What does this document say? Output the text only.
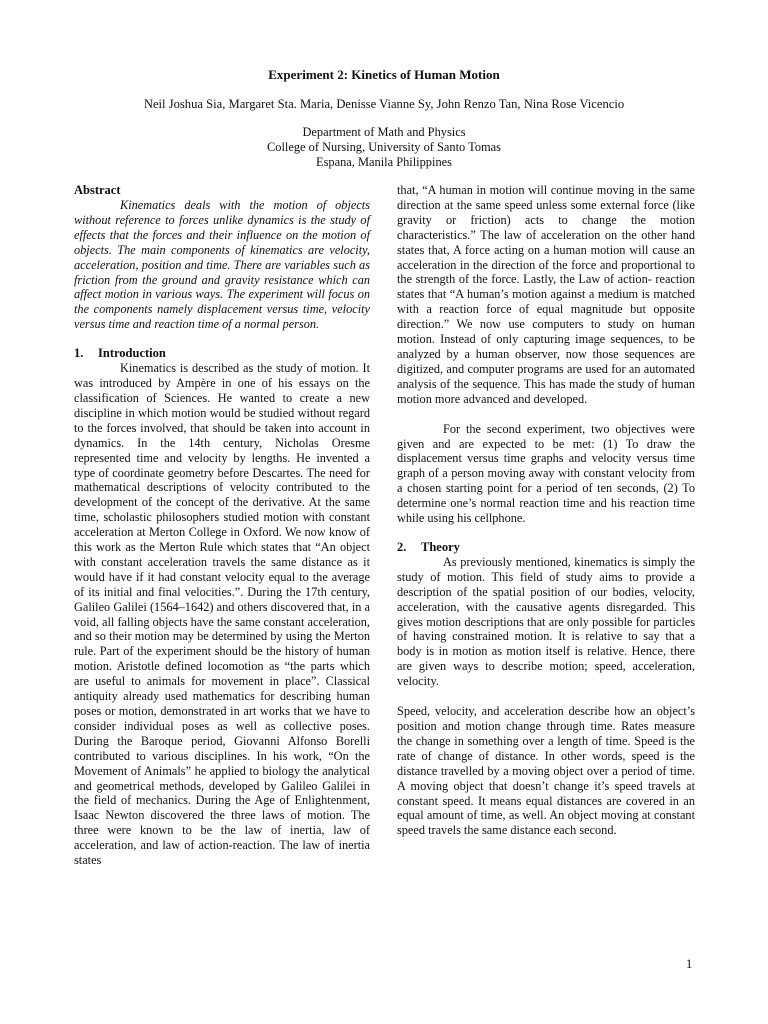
Experiment 2: Kinetics of Human Motion

Neil Joshua Sia, Margaret Sta. Maria, Denisse Vianne Sy, John Renzo Tan, Nina Rose Vicencio

Department of Math and Physics
College of Nursing, University of Santo Tomas
Espana, Manila Philippines
Abstract

Kinematics deals with the motion of objects without reference to forces unlike dynamics is the study of effects that the forces and their influence on the motion of objects. The main components of kinematics are velocity, acceleration, position and time. There are variables such as friction from the ground and gravity resistance which can affect motion in various ways. The experiment will focus on the components namely displacement versus time, velocity versus time and reaction time of a normal person.

1. Introduction

Kinematics is described as the study of motion. It was introduced by Ampère in one of his essays on the classification of Sciences. He wanted to create a new discipline in which motion would be studied without regard to the forces involved, that should be taken into account in dynamics. In the 14th century, Nicholas Oresme represented time and velocity by lengths. He invented a type of coordinate geometry before Descartes. The need for mathematical descriptions of velocity contributed to the development of the concept of the derivative. At the same time, scholastic philosophers studied motion with constant acceleration at Merton College in Oxford. We now know of this work as the Merton Rule which states that “An object with constant acceleration travels the same distance as it would have if it had constant velocity equal to the average of its initial and final velocities.”. During the 17th century, Galileo Galilei (1564–1642) and others discovered that, in a void, all falling objects have the same constant acceleration, and so their motion may be determined by using the Merton rule. Part of the experiment should be the history of human motion. Aristotle defined locomotion as “the parts which are useful to animals for movement in place”. Classical antiquity already used mathematics for describing human poses or motion, demonstrated in art works that we have to consider individual poses as well as collective poses. During the Baroque period, Giovanni Alfonso Borelli contributed to various disciplines. In his work, “On the Movement of Animals” he applied to biology the analytical and geometrical methods, developed by Galileo Galilei in the field of mechanics. During the Age of Enlightenment, Isaac Newton discovered the three laws of motion. The three were known to be the law of inertia, law of acceleration, and law of action-reaction. The law of inertia states

that, “A human in motion will continue moving in the same direction at the same speed unless some external force (like gravity or friction) acts to change the motion characteristics.” The law of acceleration on the other hand states that, A force acting on a human motion will cause an acceleration in the direction of the force and proportional to the strength of the force. Lastly, the Law of action- reaction states that “A human’s motion against a medium is matched with a reaction force of equal magnitude but opposite direction.” We now use computers to study on human motion. Instead of only capturing image sequences, to be analyzed by a human observer, now those sequences are digitized, and computer programs are used for an automated analysis of the sequence. This has made the study of human motion more advanced and developed.

For the second experiment, two objectives were given and are expected to be met: (1) To draw the displacement versus time graphs and velocity versus time graph of a person moving away with constant velocity from a chosen starting point for a period of ten seconds, (2) To determine one’s normal reaction time and his reaction time while using his cellphone.

2. Theory

As previously mentioned, kinematics is simply the study of motion. This field of study aims to provide a description of the spatial position of our bodies, velocity, acceleration, with the causative agents disregarded. This gives motion descriptions that are only possible for particles of having constrained motion. It is relative to say that a body is in motion as motion itself is relative. Hence, there are given ways to describe motion; speed, acceleration, velocity.

Speed, velocity, and acceleration describe how an object’s position and motion change through time. Rates measure the change in something over a length of time. Speed is the rate of change of distance. In other words, speed is the distance travelled by a moving object over a period of time. A moving object that doesn’t change it’s speed travels at constant speed. It means equal distances are covered in an equal amount of time, as well. An object moving at constant speed travels the same distance each second.

1
